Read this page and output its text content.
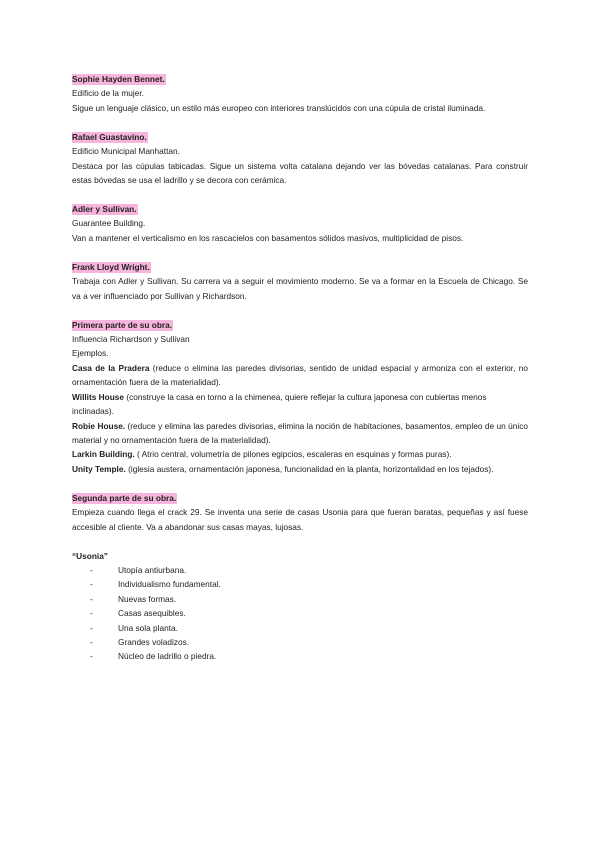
Sophie Hayden Bennet.

Edificio de la mujer.

Sigue un lenguaje clásico, un estilo más europeo con interiores translúcidos con una cúpula de cristal iluminada.

Rafael Guastavino.

Edificio Municipal Manhattan.

Destaca por las cúpulas tabicadas. Sigue un sistema volta catalana dejando ver las bóvedas catalanas. Para construir estas bóvedas se usa el ladrillo y se decora con cerámica.

Adler y Sullivan.

Guarantee Building.

Van a mantener el verticalismo en los rascacielos con basamentos sólidos masivos, multiplicidad de pisos.

Frank Lloyd Wright.

Trabaja con Adler y Sullivan. Su carrera va a seguir el movimiento moderno. Se va a formar en la Escuela de Chicago. Se va a ver influenciado por Sullivan y Richardson.

Primera parte de su obra.

Influencia Richardson y Sullivan

Ejemplos.

Casa de la Pradera (reduce o elimina las paredes divisorias, sentido de unidad espacial y armoniza con el exterior, no ornamentación fuera de la materialidad).

Willits House (construye la casa en torno a la chimenea, quiere reflejar la cultura japonesa con cubiertas menos inclinadas).

Robie House. (reduce y elimina las paredes divisorias, elimina la noción de habitaciones, basamentos, empleo de un único material y no ornamentación fuera de la materialidad).

Larkin Building. ( Atrio central, volumetría de pilones egipcios, escaleras en esquinas y formas puras).

Unity Temple. (iglesia austera, ornamentación japonesa, funcionalidad en la planta, horizontalidad en los tejados).

Segunda parte de su obra.

Empieza cuando llega el crack 29. Se inventa una serie de casas Usonia para que fueran baratas, pequeñas y así fuese accesible al cliente. Va a abandonar sus casas mayas, lujosas.

“Usonia”

-	Utopía antiurbana.
-	Individualismo fundamental.
-	Nuevas formas.
-	Casas asequibles.
-	Una sola planta.
-	Grandes voladizos.
-	Núcleo de ladrillo o piedra.
